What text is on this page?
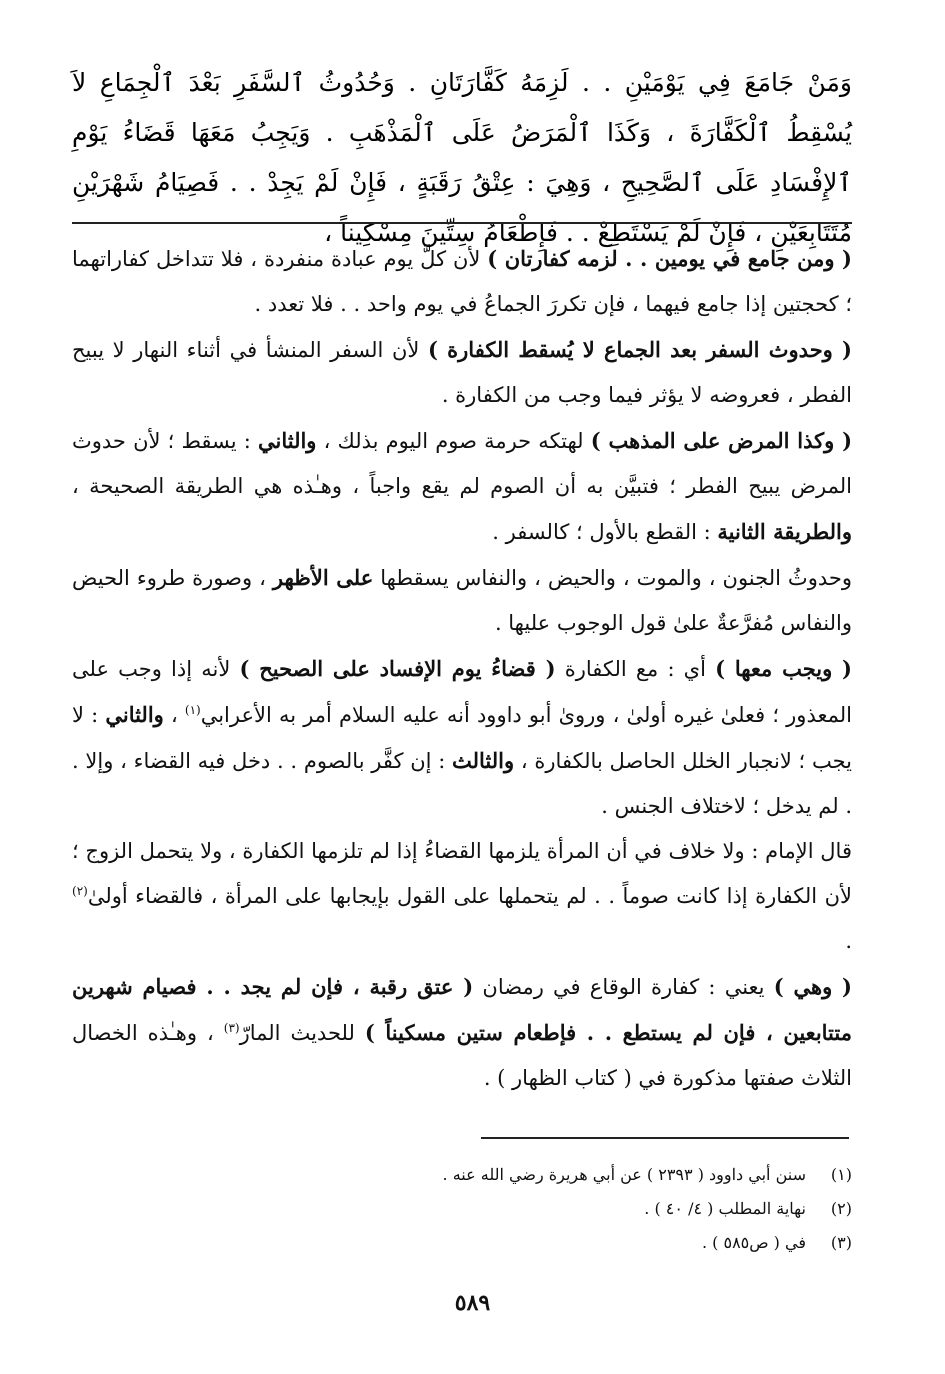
وَمَنْ جَامَعَ فِي يَوْمَيْنِ . . لَزِمَهُ كَفَّارَتَانِ . وَحُدُوثُ ٱلسَّفَرِ بَعْدَ ٱلْجِمَاعِ لاَ يُسْقِطُ ٱلْكَفَّارَةَ ، وَكَذَا ٱلْمَرَضُ عَلَى ٱلْمَذْهَبِ . وَيَجِبُ مَعَهَا قَضَاءُ يَوْمِ ٱلإِفْسَادِ عَلَى ٱلصَّحِيحِ ، وَهِيَ : عِتْقُ رَقَبَةٍ ، فَإِنْ لَمْ يَجِدْ . . فَصِيَامُ شَهْرَيْنِ مُتَتَابِعَيْنِ ، فَإِنْ لَمْ يَسْتَطِعْ . . فَإِطْعَامُ سِتِّينَ مِسْكِيناً ،

( ومن جامع في يومين . . لزمه كفارتان ) لأن كلَّ يوم عبادة منفردة ، فلا تتداخل كفاراتهما ؛ كحجتين إذا جامع فيهما ، فإن تكررَ الجماعُ في يوم واحد . . فلا تعدد .

( وحدوث السفر بعد الجماع لا يُسقط الكفارة ) لأن السفر المنشأ في أثناء النهار لا يبيح الفطر ، فعروضه لا يؤثر فيما وجب من الكفارة .

( وكذا المرض على المذهب ) لهتكه حرمة صوم اليوم بذلك ، والثاني : يسقط ؛ لأن حدوث المرض يبيح الفطر ؛ فتبيَّن به أن الصوم لم يقع واجباً ، وهـٰذه هي الطريقة الصحيحة ، والطريقة الثانية : القطع بالأول ؛ كالسفر .

وحدوثُ الجنون ، والموت ، والحيض ، والنفاس يسقطها على الأظهر ، وصورة طروء الحيض والنفاس مُفرَّعةٌ علىٰ قول الوجوب عليها .

( ويجب معها ) أي : مع الكفارة ( قضاءُ يوم الإفساد على الصحيح ) لأنه إذا وجب على المعذور ؛ فعلىٰ غيره أولىٰ ، وروىٰ أبو داوود أنه عليه السلام أمر به الأعرابي$^{(١)}$ ، والثاني : لا يجب ؛ لانجبار الخلل الحاصل بالكفارة ، والثالث : إن كفَّر بالصوم . . دخل فيه القضاء ، وإلا . . لم يدخل ؛ لاختلاف الجنس .

قال الإمام : ولا خلاف في أن المرأة يلزمها القضاءُ إذا لم تلزمها الكفارة ، ولا يتحمل الزوج ؛ لأن الكفارة إذا كانت صوماً . . لم يتحملها على القول بإيجابها على المرأة ، فالقضاء أولىٰ$^{(٢)}$ .

( وهي ) يعني : كفارة الوقاع في رمضان ( عتق رقبة ، فإن لم يجد . . فصيام شهرين متتابعين ، فإن لم يستطع . . فإطعام ستين مسكيناً ) للحديث المارّ$^{(٣)}$ ، وهـٰذه الخصال الثلاث صفتها مذكورة في ( كتاب الظهار ) .

(١)
سنن أبي داوود ( ٢٣٩٣ ) عن أبي هريرة رضي الله عنه .
(٢)
نهاية المطلب ( ٤/ ٤٠ ) .
(٣)
في ( ص٥٨٥ ) .
٥٨٩
